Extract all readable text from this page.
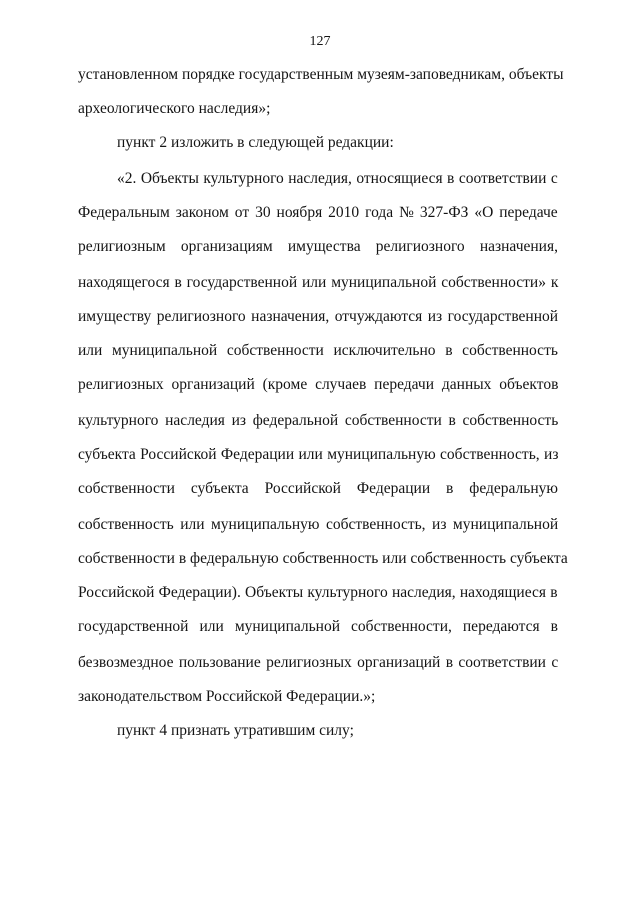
127
установленном порядке государственным музеям-заповедникам, объекты
археологического наследия»;
пункт 2 изложить в следующей редакции:
«2. Объекты культурного наследия, относящиеся в соответствии с
Федеральным законом от 30 ноября 2010 года № 327-ФЗ «О передаче
религиозным организациям имущества религиозного назначения,
находящегося в государственной или муниципальной собственности» к
имуществу религиозного назначения, отчуждаются из государственной
или муниципальной собственности исключительно в собственность
религиозных организаций (кроме случаев передачи данных объектов
культурного наследия из федеральной собственности в собственность
субъекта Российской Федерации или муниципальную собственность, из
собственности субъекта Российской Федерации в федеральную
собственность или муниципальную собственность, из муниципальной
собственности в федеральную собственность или собственность субъекта
Российской Федерации). Объекты культурного наследия, находящиеся в
государственной или муниципальной собственности, передаются в
безвозмездное пользование религиозных организаций в соответствии с
законодательством Российской Федерации.»;
пункт 4 признать утратившим силу;
